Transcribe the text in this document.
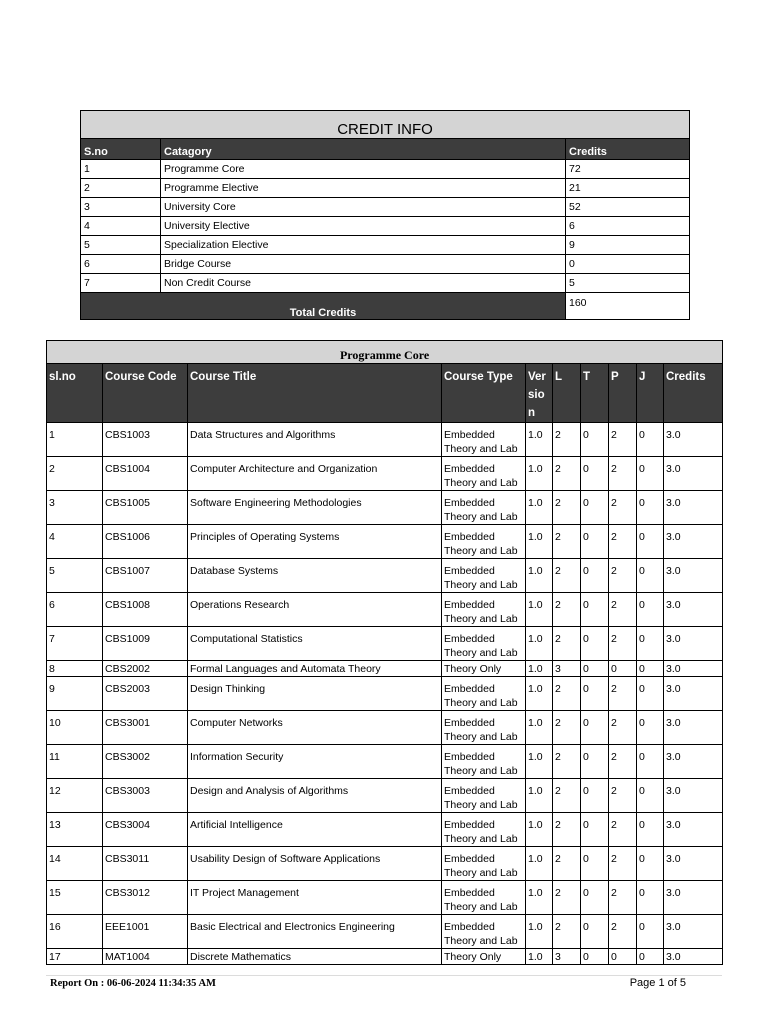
CREDIT INFO		
S.no	Catagory	Credits
1	Programme Core	72
2	Programme Elective	21
3	University Core	52
4	University Elective	6
5	Specialization Elective	9
6	Bridge Course	0
7	Non Credit Course	5
Total Credits		160
Programme Core									
sl.no	Course Code	Course Title	Course Type	Ver sio n	L	T	P	J	Credits
1	CBS1003	Data Structures and Algorithms	Embedded Theory and Lab	1.0	2	0	2	0	3.0
2	CBS1004	Computer Architecture and Organization	Embedded Theory and Lab	1.0	2	0	2	0	3.0
3	CBS1005	Software Engineering Methodologies	Embedded Theory and Lab	1.0	2	0	2	0	3.0
4	CBS1006	Principles of Operating Systems	Embedded Theory and Lab	1.0	2	0	2	0	3.0
5	CBS1007	Database Systems	Embedded Theory and Lab	1.0	2	0	2	0	3.0
6	CBS1008	Operations Research	Embedded Theory and Lab	1.0	2	0	2	0	3.0
7	CBS1009	Computational Statistics	Embedded Theory and Lab	1.0	2	0	2	0	3.0
8	CBS2002	Formal Languages and Automata Theory	Theory Only	1.0	3	0	0	0	3.0
9	CBS2003	Design Thinking	Embedded Theory and Lab	1.0	2	0	2	0	3.0
10	CBS3001	Computer Networks	Embedded Theory and Lab	1.0	2	0	2	0	3.0
11	CBS3002	Information Security	Embedded Theory and Lab	1.0	2	0	2	0	3.0
12	CBS3003	Design and Analysis of Algorithms	Embedded Theory and Lab	1.0	2	0	2	0	3.0
13	CBS3004	Artificial Intelligence	Embedded Theory and Lab	1.0	2	0	2	0	3.0
14	CBS3011	Usability Design of Software Applications	Embedded Theory and Lab	1.0	2	0	2	0	3.0
15	CBS3012	IT Project Management	Embedded Theory and Lab	1.0	2	0	2	0	3.0
16	EEE1001	Basic Electrical and Electronics Engineering	Embedded Theory and Lab	1.0	2	0	2	0	3.0
17	MAT1004	Discrete Mathematics	Theory Only	1.0	3	0	0	0	3.0
Report On : 06-06-2024 11:34:35 AM	Page 1 of 5
